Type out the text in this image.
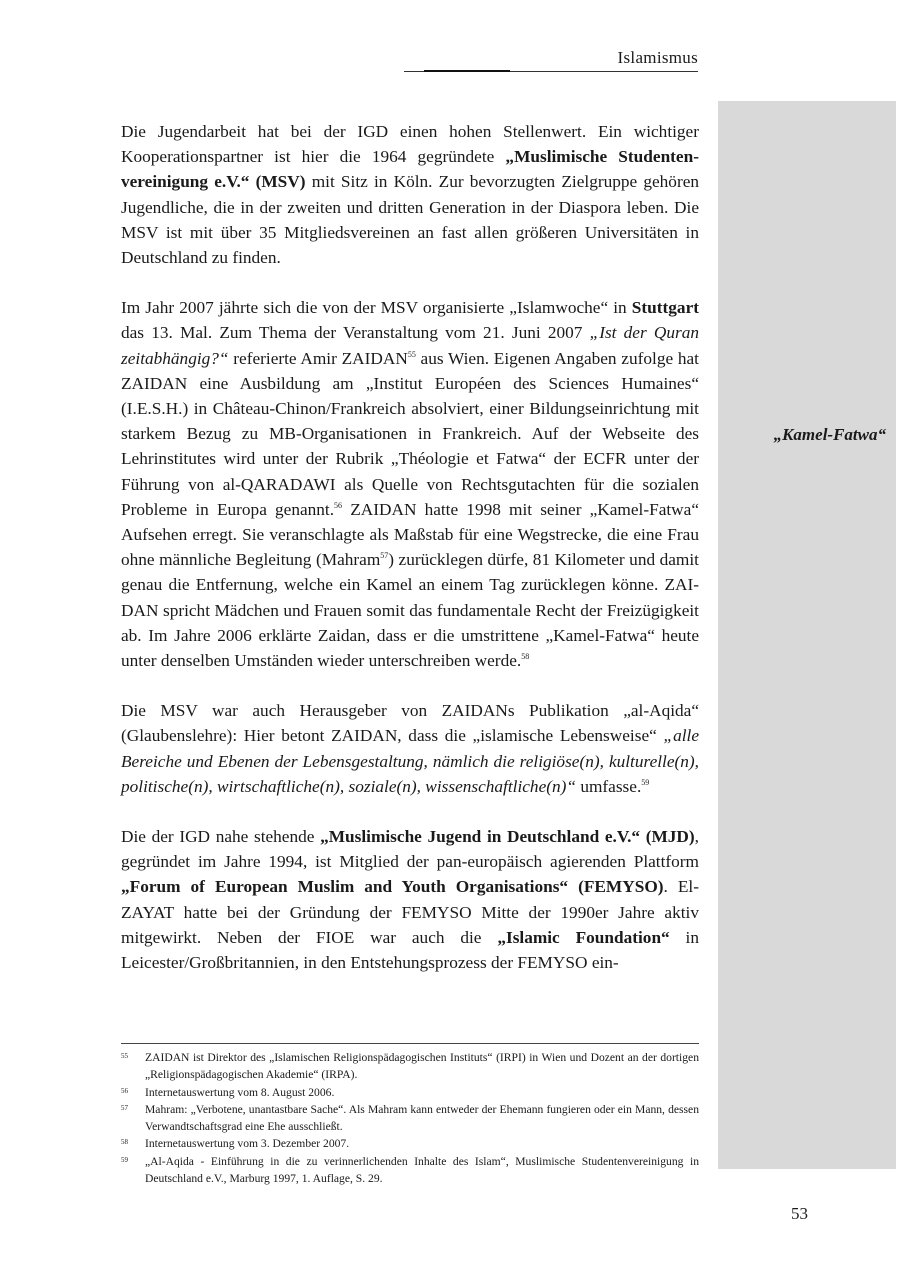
Islamismus
„Kamel-Fatwa“

Die Jugendarbeit hat bei der IGD einen hohen Stellenwert. Ein wichtiger Kooperationspartner ist hier die 1964 gegründete „Muslimische Studentenvereinigung e.V.“ (MSV) mit Sitz in Köln. Zur bevorzugten Zielgruppe gehören Jugendliche, die in der zweiten und dritten Generation in der Diaspora leben. Die MSV ist mit über 35 Mitgliedsvereinen an fast allen größeren Universitäten in Deutschland zu finden.

Im Jahr 2007 jährte sich die von der MSV organisierte „Islamwoche“ in Stuttgart das 13. Mal. Zum Thema der Veranstaltung vom 21. Juni 2007 „Ist der Quran zeitabhängig?“ referierte Amir ZAIDAN$^{55}$ aus Wien. Eigenen Angaben zufolge hat ZAIDAN eine Ausbildung am „Institut Européen des Sciences Humaines“ (I.E.S.H.) in Château-Chinon/Frankreich absolviert, einer Bildungseinrichtung mit starkem Bezug zu MB-Organisationen in Frankreich. Auf der Webseite des Lehrinstitutes wird unter der Rubrik „Théologie et Fatwa“ der ECFR unter der Führung von al-QARADAWI als Quelle von Rechtsgutachten für die sozialen Probleme in Europa genannt.$^{56}$ ZAIDAN hatte 1998 mit seiner „Kamel-Fatwa“ Aufsehen erregt. Sie veranschlagte als Maßstab für eine Wegstrecke, die eine Frau ohne männliche Begleitung (Mahram$^{57}$) zurücklegen dürfe, 81 Kilometer und damit genau die Entfernung, welche ein Kamel an einem Tag zurücklegen könne. ZAIDAN spricht Mädchen und Frauen somit das fundamentale Recht der Freizügigkeit ab. Im Jahre 2006 erklärte Zaidan, dass er die umstrittene „Kamel-Fatwa“ heute unter denselben Umständen wieder unterschreiben werde.$^{58}$

Die MSV war auch Herausgeber von ZAIDANs Publikation „al-Aqida“ (Glaubenslehre): Hier betont ZAIDAN, dass die „islamische Lebensweise“ „alle Bereiche und Ebenen der Lebensgestaltung, nämlich die religiöse(n), kulturelle(n), politische(n), wirtschaftliche(n), soziale(n), wissenschaftliche(n)“ umfasse.$^{59}$

Die der IGD nahe stehende „Muslimische Jugend in Deutschland e.V.“ (MJD), gegründet im Jahre 1994, ist Mitglied der pan-europäisch agierenden Plattform „Forum of European Muslim and Youth Organisations“ (FEMYSO). El-ZAYAT hatte bei der Gründung der FEMYSO Mitte der 1990er Jahre aktiv mitgewirkt. Neben der FIOE war auch die „Islamic Foundation“ in Leicester/Großbritannien, in den Entstehungsprozess der FEMYSO ein-

55	ZAIDAN ist Direktor des „Islamischen Religionspädagogischen Instituts“ (IRPI) in Wien und Dozent an der dortigen „Religionspädagogischen Akademie“ (IRPA).
56	Internetauswertung vom 8. August 2006.
57	Mahram: „Verbotene, unantastbare Sache“. Als Mahram kann entweder der Ehemann fungieren oder ein Mann, dessen Verwandtschaftsgrad eine Ehe ausschließt.
58	Internetauswertung vom 3. Dezember 2007.
59	„Al-Aqida - Einführung in die zu verinnerlichenden Inhalte des Islam“, Muslimische Studentenvereinigung in Deutschland e.V., Marburg 1997, 1. Auflage, S. 29.
53
